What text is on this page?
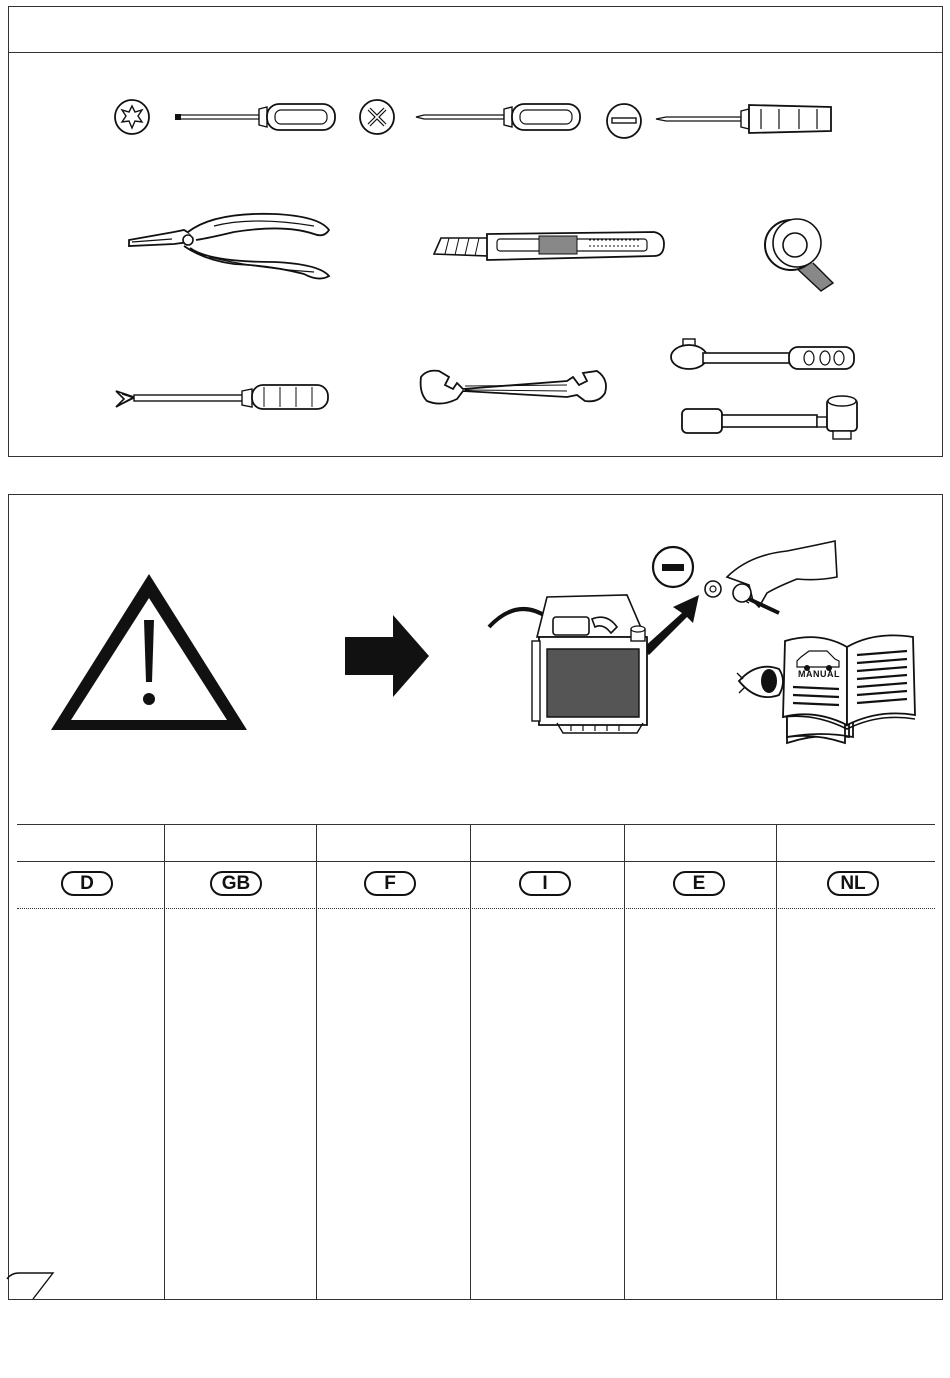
MANUAL
D	GB	F	I	E	NL
